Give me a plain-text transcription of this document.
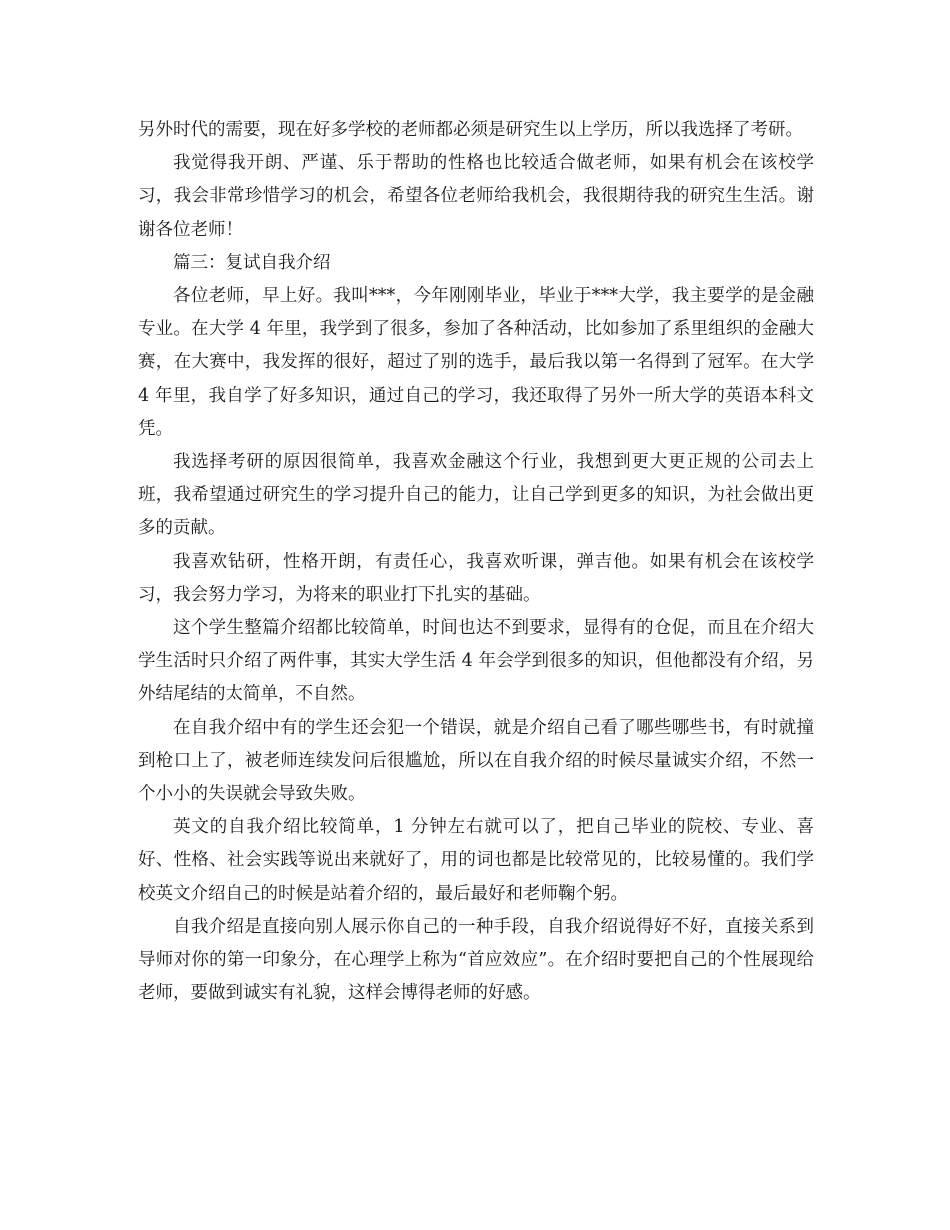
另外时代的需要，现在好多学校的老师都必须是研究生以上学历，所以我选择了考研。

我觉得我开朗、严谨、乐于帮助的性格也比较适合做老师，如果有机会在该校学习，我会非常珍惜学习的机会，希望各位老师给我机会，我很期待我的研究生生活。谢谢各位老师！

篇三：复试自我介绍

各位老师，早上好。我叫***，今年刚刚毕业，毕业于***大学，我主要学的是金融专业。在大学 4 年里，我学到了很多，参加了各种活动，比如参加了系里组织的金融大赛，在大赛中，我发挥的很好，超过了别的选手，最后我以第一名得到了冠军。在大学 4 年里，我自学了好多知识，通过自己的学习，我还取得了另外一所大学的英语本科文凭。

我选择考研的原因很简单，我喜欢金融这个行业，我想到更大更正规的公司去上班，我希望通过研究生的学习提升自己的能力，让自己学到更多的知识，为社会做出更多的贡献。

我喜欢钻研，性格开朗，有责任心，我喜欢听课，弹吉他。如果有机会在该校学习，我会努力学习，为将来的职业打下扎实的基础。

这个学生整篇介绍都比较简单，时间也达不到要求，显得有的仓促，而且在介绍大学生活时只介绍了两件事，其实大学生活 4 年会学到很多的知识，但他都没有介绍，另外结尾结的太简单，不自然。

在自我介绍中有的学生还会犯一个错误，就是介绍自己看了哪些哪些书，有时就撞到枪口上了，被老师连续发问后很尴尬，所以在自我介绍的时候尽量诚实介绍，不然一个小小的失误就会导致失败。

英文的自我介绍比较简单，1 分钟左右就可以了，把自己毕业的院校、专业、喜好、性格、社会实践等说出来就好了，用的词也都是比较常见的，比较易懂的。我们学校英文介绍自己的时候是站着介绍的，最后最好和老师鞠个躬。

自我介绍是直接向别人展示你自己的一种手段，自我介绍说得好不好，直接关系到导师对你的第一印象分，在心理学上称为“首应效应”。在介绍时要把自己的个性展现给老师，要做到诚实有礼貌，这样会博得老师的好感。
